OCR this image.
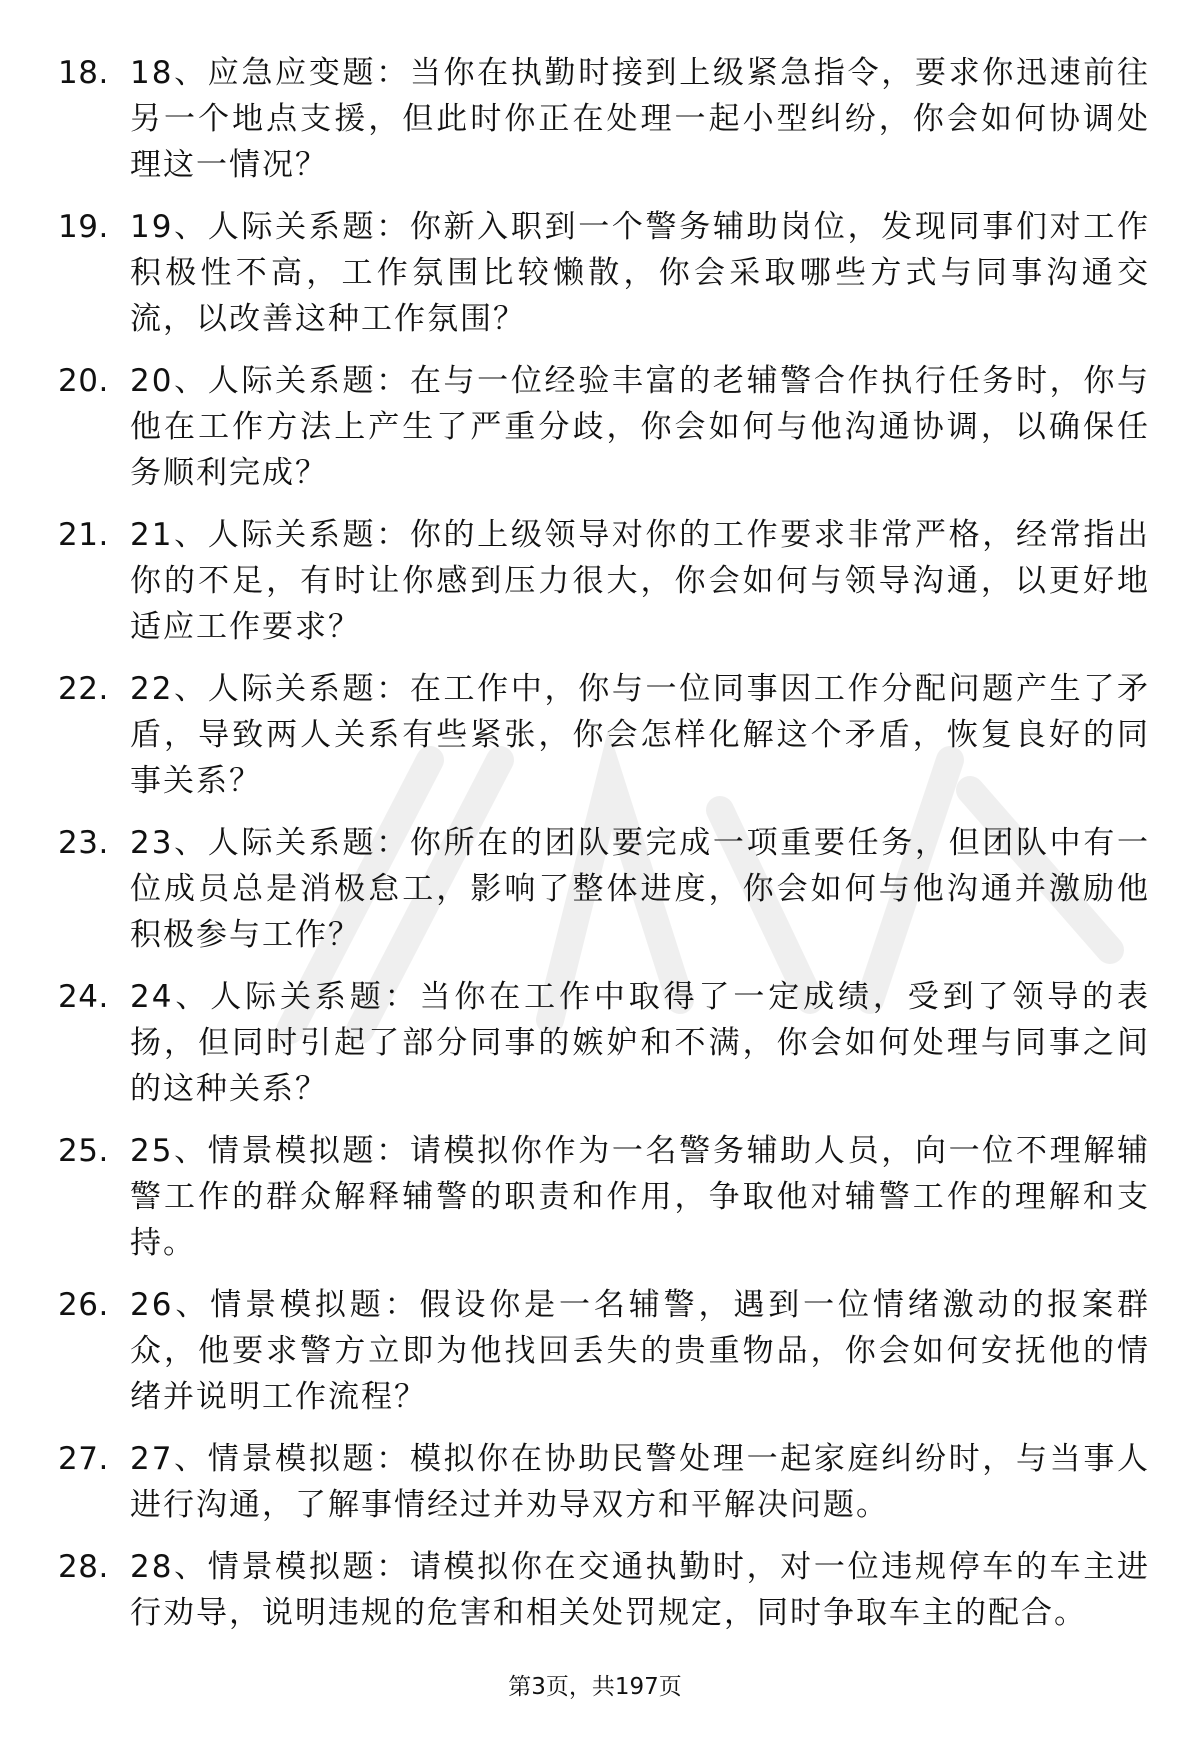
18. 18、应急应变题：当你在执勤时接到上级紧急指令，要求你迅速前往另一个地点支援，但此时你正在处理一起小型纠纷，你会如何协调处理这一情况？
19. 19、人际关系题：你新入职到一个警务辅助岗位，发现同事们对工作积极性不高，工作氛围比较懒散，你会采取哪些方式与同事沟通交流，以改善这种工作氛围？
20. 20、人际关系题：在与一位经验丰富的老辅警合作执行任务时，你与他在工作方法上产生了严重分歧，你会如何与他沟通协调，以确保任务顺利完成？
21. 21、人际关系题：你的上级领导对你的工作要求非常严格，经常指出你的不足，有时让你感到压力很大，你会如何与领导沟通，以更好地适应工作要求？
22. 22、人际关系题：在工作中，你与一位同事因工作分配问题产生了矛盾，导致两人关系有些紧张，你会怎样化解这个矛盾，恢复良好的同事关系？
23. 23、人际关系题：你所在的团队要完成一项重要任务，但团队中有一位成员总是消极怠工，影响了整体进度，你会如何与他沟通并激励他积极参与工作？
24. 24、人际关系题：当你在工作中取得了一定成绩，受到了领导的表扬，但同时引起了部分同事的嫉妒和不满，你会如何处理与同事之间的这种关系？
25. 25、情景模拟题：请模拟你作为一名警务辅助人员，向一位不理解辅警工作的群众解释辅警的职责和作用，争取他对辅警工作的理解和支持。
26. 26、情景模拟题：假设你是一名辅警，遇到一位情绪激动的报案群众，他要求警方立即为他找回丢失的贵重物品，你会如何安抚他的情绪并说明工作流程？
27. 27、情景模拟题：模拟你在协助民警处理一起家庭纠纷时，与当事人进行沟通，了解事情经过并劝导双方和平解决问题。
28. 28、情景模拟题：请模拟你在交通执勤时，对一位违规停车的车主进行劝导，说明违规的危害和相关处罚规定，同时争取车主的配合。
第3页，共197页
